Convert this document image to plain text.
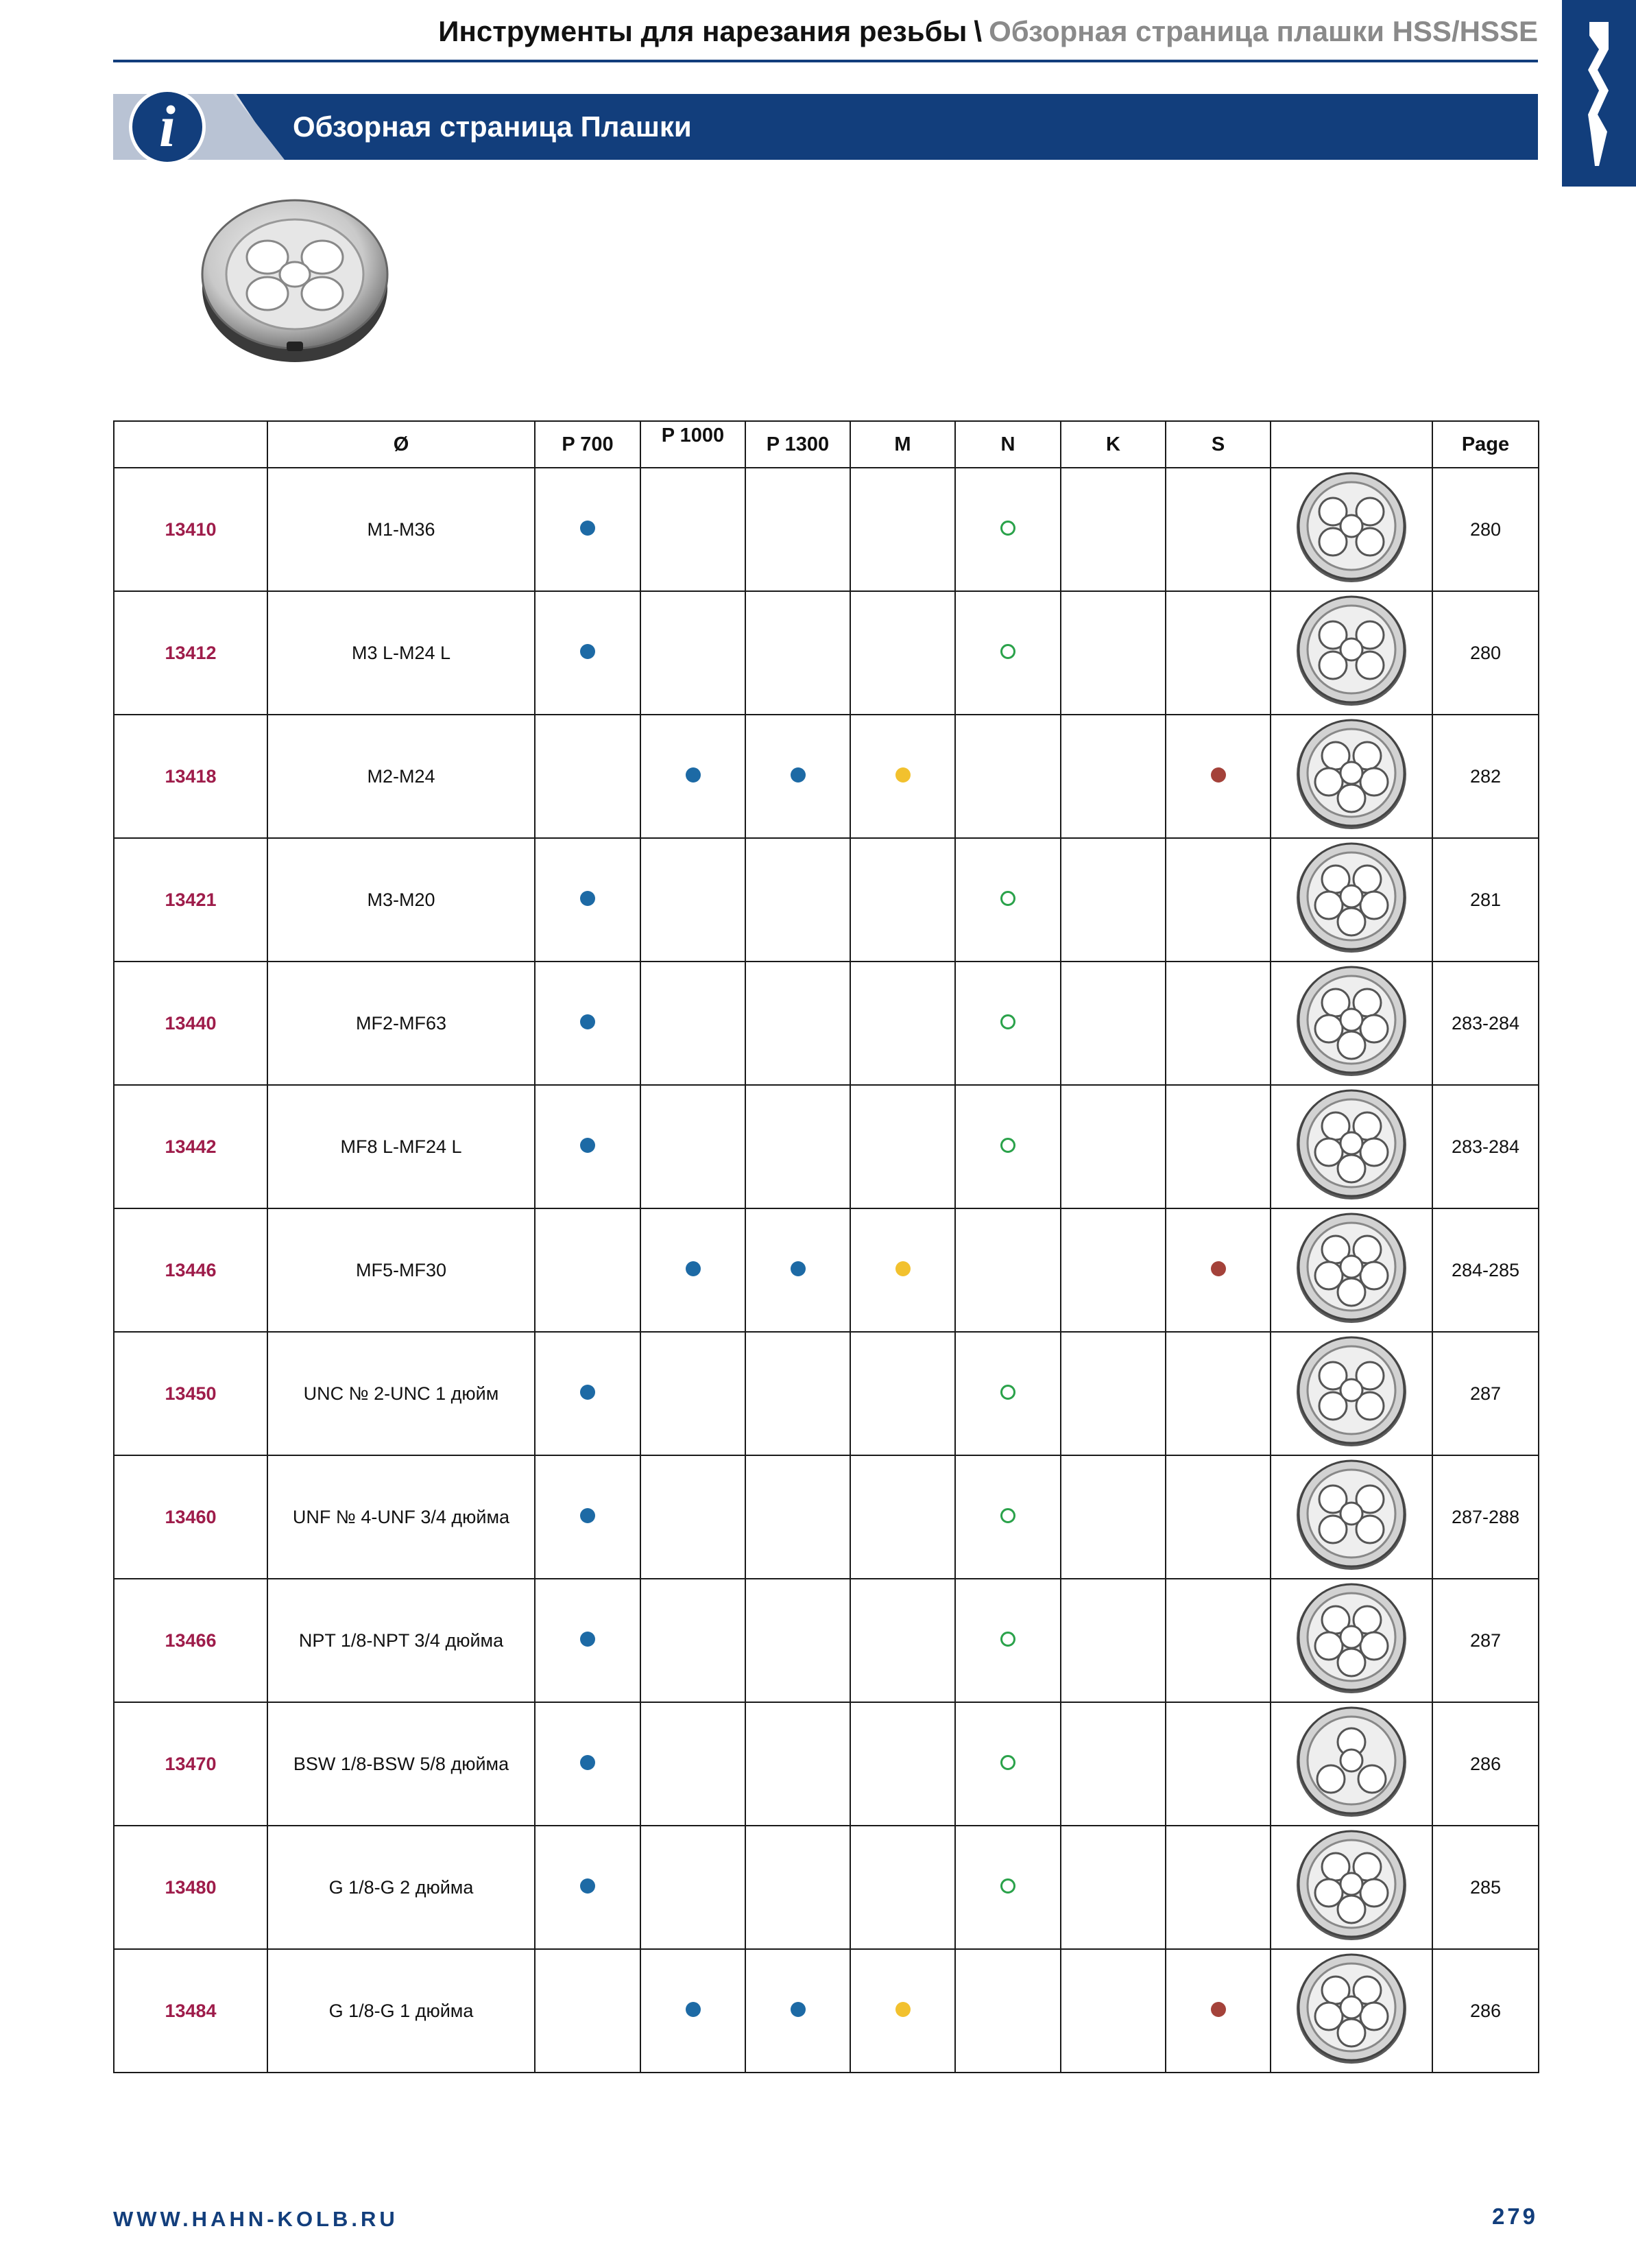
Инструменты для нарезания резьбы \ Обзорная страница плашки HSS/HSSE
i	Обзорная страница Плашки
	Ø	P 700	P 1000	P 1300	M	N	K	S		Page
13410	M1-M36									280
13412	M3 L-M24 L									280
13418	M2-M24									282
13421	M3-M20									281
13440	MF2-MF63									283-284
13442	MF8 L-MF24 L									283-284
13446	MF5-MF30									284-285
13450	UNC № 2-UNC 1 дюйм									287
13460	UNF № 4-UNF 3/4 дюйма									287-288
13466	NPT 1/8-NPT 3/4 дюйма									287
13470	BSW 1/8-BSW 5/8 дюйма									286
13480	G 1/8-G 2 дюйма									285
13484	G 1/8-G 1 дюйма									286
WWW.HAHN-KOLB.RU	279
